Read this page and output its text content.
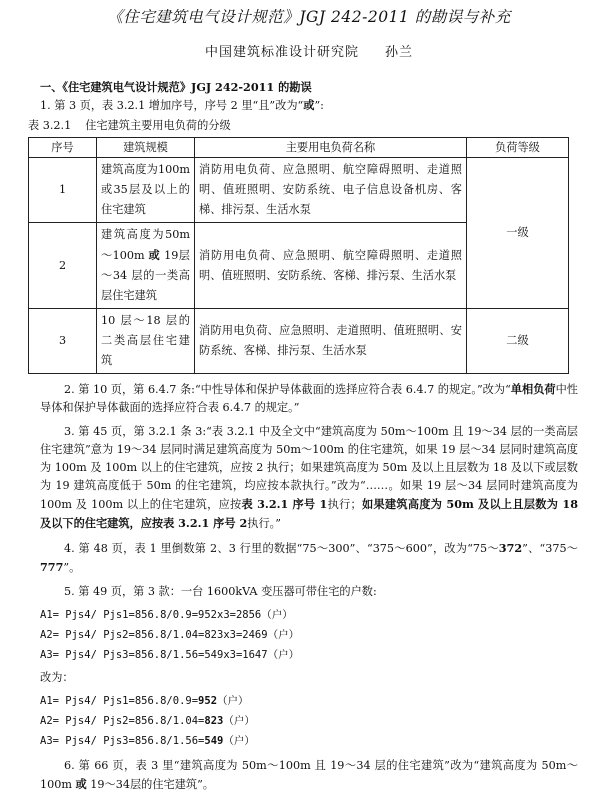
《住宅建筑电气设计规范》JGJ 242-2011 的勘误与补充
中国建筑标准设计研究院 孙兰
一、《住宅建筑电气设计规范》JGJ 242-2011 的勘误

1. 第 3 页，表 3.2.1 增加序号，序号 2 里“且”改为“或”:

表 3.2.1 住宅建筑主要用电负荷的分级
序号	建筑规模	主要用电负荷名称	负荷等级
1	建筑高度为100m或35层及以上的住宅建筑	消防用电负荷、应急照明、航空障碍照明、走道照明、值班照明、安防系统、电子信息设备机房、客梯、排污泵、生活水泵	一级
2	建筑高度为50m～100m 或 19层～34 层的一类高层住宅建筑	消防用电负荷、应急照明、航空障碍照明、走道照明、值班照明、安防系统、客梯、排污泵、生活水泵	
3	10 层～18 层的二类高层住宅建筑	消防用电负荷、应急照明、走道照明、值班照明、安防系统、客梯、排污泵、生活水泵	二级

2. 第 10 页，第 6.4.7 条:“中性导体和保护导体截面的选择应符合表 6.4.7 的规定。”改为“单相负荷中性导体和保护导体截面的选择应符合表 6.4.7 的规定。”

3. 第 45 页，第 3.2.1 条 3:“表 3.2.1 中及全文中“建筑高度为 50m～100m 且 19～34 层的一类高层住宅建筑”意为 19～34 层同时满足建筑高度为 50m～100m 的住宅建筑，如果 19 层～34 层同时建筑高度为 100m 及 100m 以上的住宅建筑，应按 2 执行；如果建筑高度为 50m 及以上且层数为 18 及以下或层数为 19 建筑高度低于 50m 的住宅建筑，均应按本款执行。”改为“……。如果 19 层～34 层同时建筑高度为 100m 及 100m 以上的住宅建筑，应按表 3.2.1 序号 1执行；如果建筑高度为 50m 及以上且层数为 18 及以下的住宅建筑，应按表 3.2.1 序号 2执行。”

4. 第 48 页，表 1 里倒数第 2、3 行里的数据“75～300”、“375～600”，改为“75～372”、“375～777”。

5. 第 49 页，第 3 款：一台 1600kVA 变压器可带住宅的户数:

A1= Pjs4/ Pjs1=856.8/0.9=952x3=2856（户）
A2= Pjs4/ Pjs2=856.8/1.04=823x3=2469（户）
A3= Pjs4/ Pjs3=856.8/1.56=549x3=1647（户）
改为：
A1= Pjs4/ Pjs1=856.8/0.9=952（户）
A2= Pjs4/ Pjs2=856.8/1.04=823（户）
A3= Pjs4/ Pjs3=856.8/1.56=549（户）

6. 第 66 页，表 3 里“建筑高度为 50m～100m 且 19～34 层的住宅建筑”改为“建筑高度为 50m～100m 或 19～34层的住宅建筑”。
